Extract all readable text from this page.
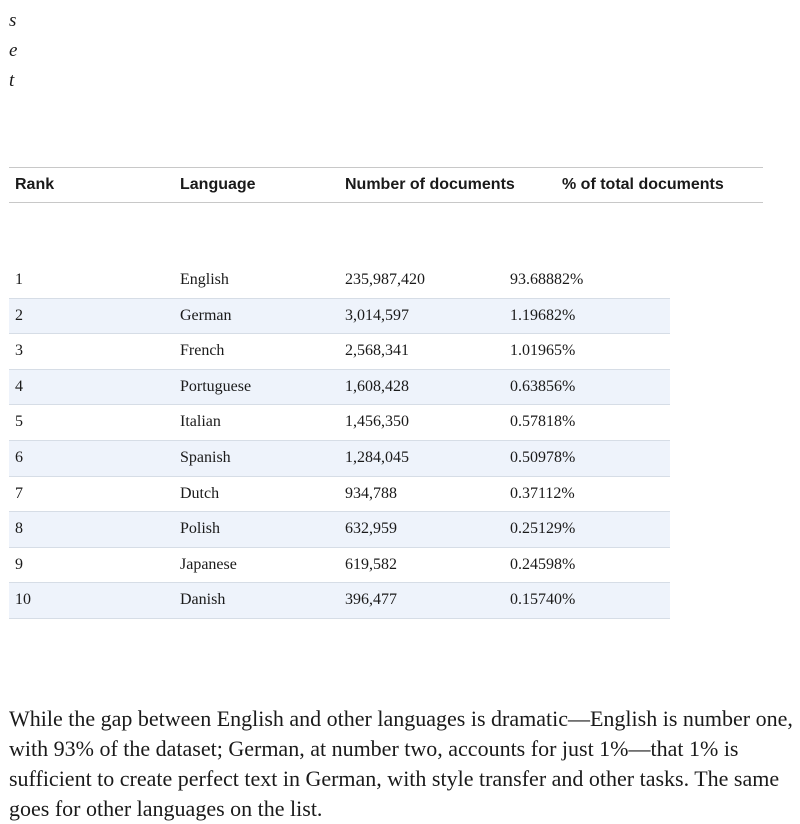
s
e
t
Rank	Language	Number of documents	% of total documents
1	English	235,987,420	93.68882%
2	German	3,014,597	1.19682%
3	French	2,568,341	1.01965%
4	Portuguese	1,608,428	0.63856%
5	Italian	1,456,350	0.57818%
6	Spanish	1,284,045	0.50978%
7	Dutch	934,788	0.37112%
8	Polish	632,959	0.25129%
9	Japanese	619,582	0.24598%
10	Danish	396,477	0.15740%

While the gap between English and other languages is dramatic—English is number one, with 93% of the dataset; German, at number two, accounts for just 1%—that 1% is sufficient to create perfect text in German, with style transfer and other tasks. The same goes for other languages on the list.
